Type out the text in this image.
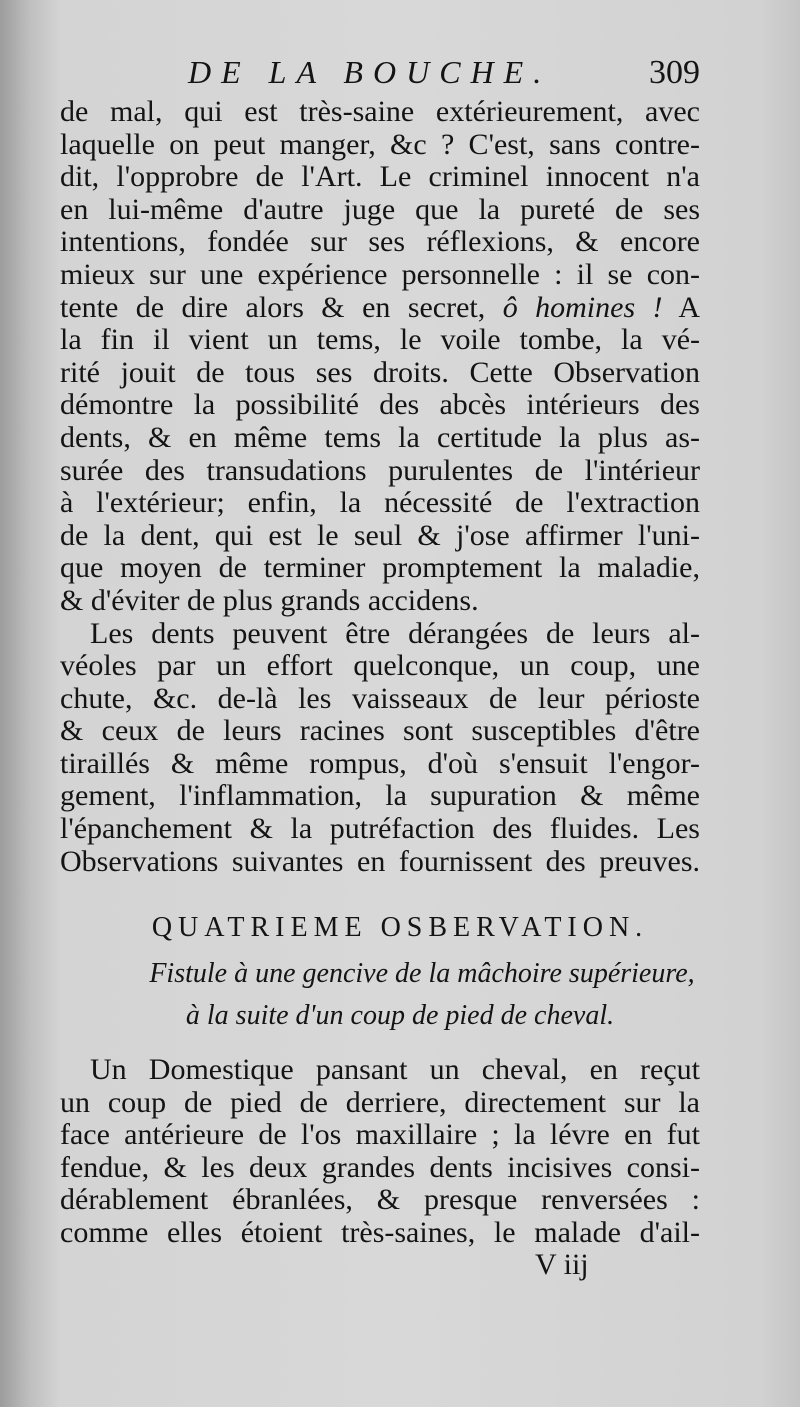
DE LA BOUCHE.	309
de mal, qui est très-saine extérieurement, avec
laquelle on peut manger, &c ? C'est, sans contre-
dit, l'opprobre de l'Art. Le criminel innocent n'a
en lui-même d'autre juge que la pureté de ses
intentions, fondée sur ses réflexions, & encore
mieux sur une expérience personnelle : il se con-
tente de dire alors & en secret, ô homines ! A
la fin il vient un tems, le voile tombe, la vé-
rité jouit de tous ses droits. Cette Observation
démontre la possibilité des abcès intérieurs des
dents, & en même tems la certitude la plus as-
surée des transudations purulentes de l'intérieur
à l'extérieur; enfin, la nécessité de l'extraction
de la dent, qui est le seul & j'ose affirmer l'uni-
que moyen de terminer promptement la maladie,
& d'éviter de plus grands accidens.
Les dents peuvent être dérangées de leurs al-
véoles par un effort quelconque, un coup, une
chute, &c. de-là les vaisseaux de leur périoste
& ceux de leurs racines sont susceptibles d'être
tiraillés & même rompus, d'où s'ensuit l'engor-
gement, l'inflammation, la supuration & même
l'épanchement & la putréfaction des fluides. Les
Observations suivantes en fournissent des preuves.
QUATRIEME OSBERVATION.
Fistule à une gencive de la mâchoire supérieure,
à la suite d'un coup de pied de cheval.
Un Domestique pansant un cheval, en reçut
un coup de pied de derriere, directement sur la
face antérieure de l'os maxillaire ; la lévre en fut
fendue, & les deux grandes dents incisives consi-
dérablement ébranlées, & presque renversées :
comme elles étoient très-saines, le malade d'ail-
V iij
